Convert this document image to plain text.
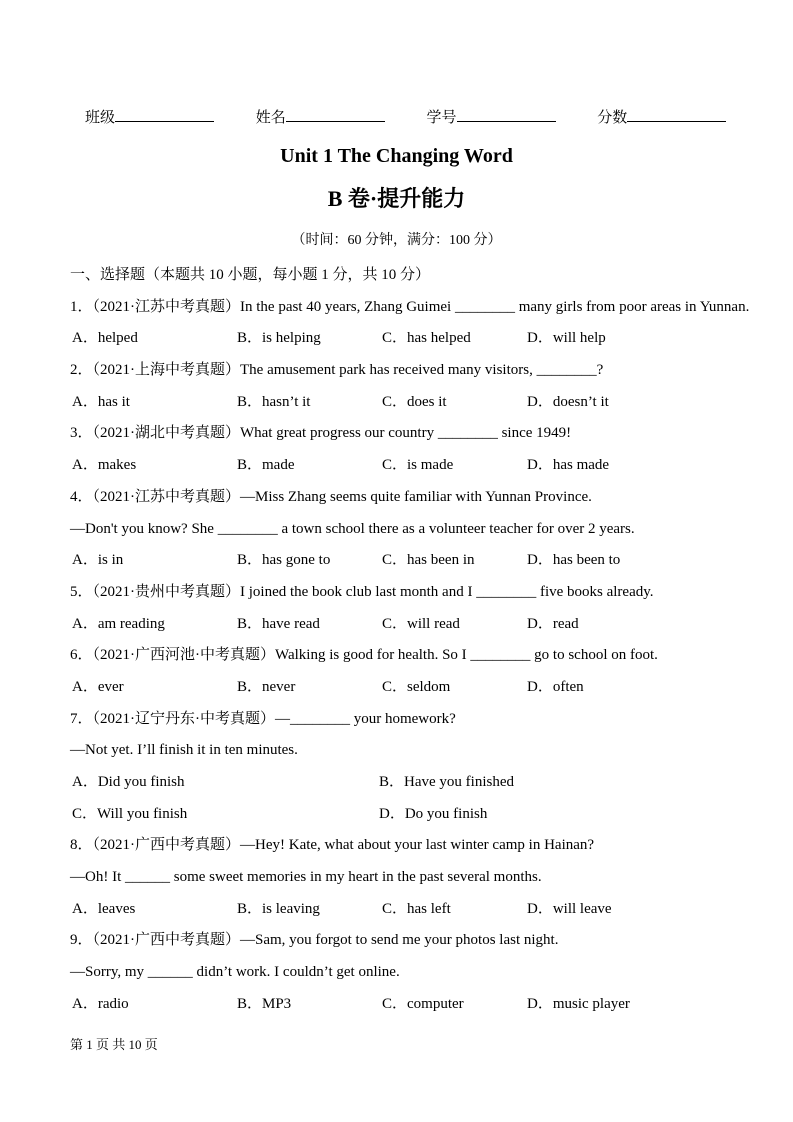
班级	姓名	学号	分数
Unit 1 The Changing Word
B 卷·提升能力
（时间：60 分钟，满分：100 分）
一、选择题（本题共 10 小题，每小题 1 分，共 10 分）
1．（2021·江苏中考真题）In the past 40 years, Zhang Guimei ________ many girls from poor areas in Yunnan.
A．helped	B．is helping	C．has helped	D．will help
2．（2021·上海中考真题）The amusement park has received many visitors, ________?
A．has it	B．hasn’t it	C．does it	D．doesn’t it
3．（2021·湖北中考真题）What great progress our country ________ since 1949!
A．makes	B．made	C．is made	D．has made
4．（2021·江苏中考真题）—Miss Zhang seems quite familiar with Yunnan Province.
—Don't you know? She ________ a town school there as a volunteer teacher for over 2 years.
A．is in	B．has gone to	C．has been in	D．has been to
5．（2021·贵州中考真题）I joined the book club last month and I ________ five books already.
A．am reading	B．have read	C．will read	D．read
6．（2021·广西河池·中考真题）Walking is good for health. So I ________ go to school on foot.
A．ever	B．never	C．seldom	D．often
7．（2021·辽宁丹东·中考真题）—________ your homework?
—Not yet. I’ll finish it in ten minutes.
A．Did you finish	B．Have you finished
C．Will you finish	D．Do you finish
8．（2021·广西中考真题）—Hey! Kate, what about your last winter camp in Hainan?
—Oh! It ______ some sweet memories in my heart in the past several months.
A．leaves	B．is leaving	C．has left	D．will leave
9．（2021·广西中考真题）—Sam, you forgot to send me your photos last night.
—Sorry, my ______ didn’t work. I couldn’t get online.
A．radio	B．MP3	C．computer	D．music player
第 1 页 共 10 页
